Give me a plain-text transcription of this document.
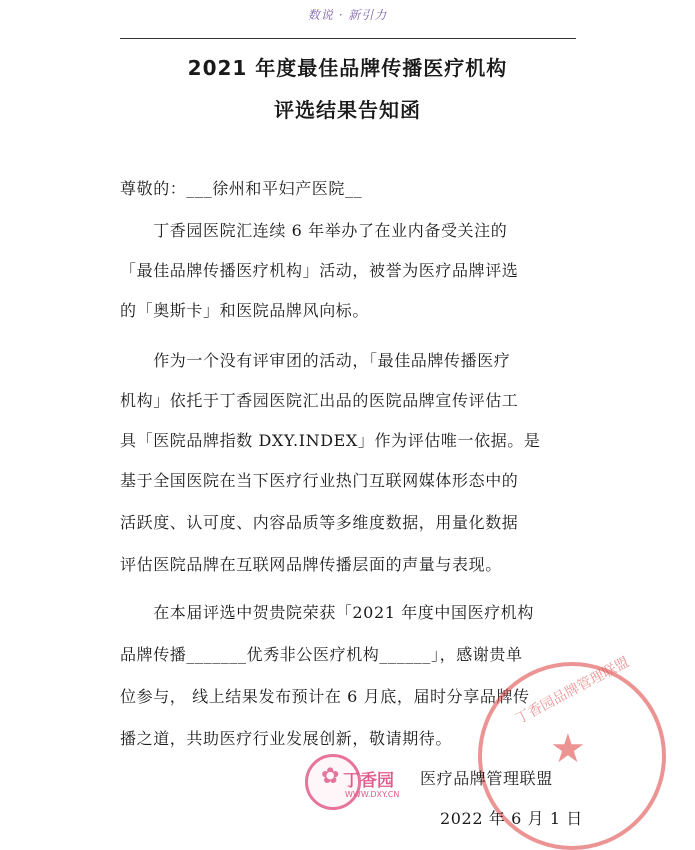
数说 · 新引力
2021 年度最佳品牌传播医疗机构
评选结果告知函
尊敬的：___徐州和平妇产医院__
　　丁香园医院汇连续 6 年举办了在业内备受关注的
「最佳品牌传播医疗机构」活动，被誉为医疗品牌评选
的「奥斯卡」和医院品牌风向标。
　　作为一个没有评审团的活动，「最佳品牌传播医疗
机构」依托于丁香园医院汇出品的医院品牌宣传评估工
具「医院品牌指数 DXY.INDEX」作为评估唯一依据。是
基于全国医院在当下医疗行业热门互联网媒体形态中的
活跃度、认可度、内容品质等多维度数据，用量化数据
评估医院品牌在互联网品牌传播层面的声量与表现。
　　在本届评选中贺贵院荣获「2021 年度中国医疗机构
品牌传播_______优秀非公医疗机构______」，感谢贵单
位参与， 线上结果发布预计在 6 月底，届时分享品牌传
播之道，共助医疗行业发展创新，敬请期待。
丁香园品牌管理联盟
★
✿ 丁香园
WWW.DXY.CN
医疗品牌管理联盟
2022 年 6 月 1 日
